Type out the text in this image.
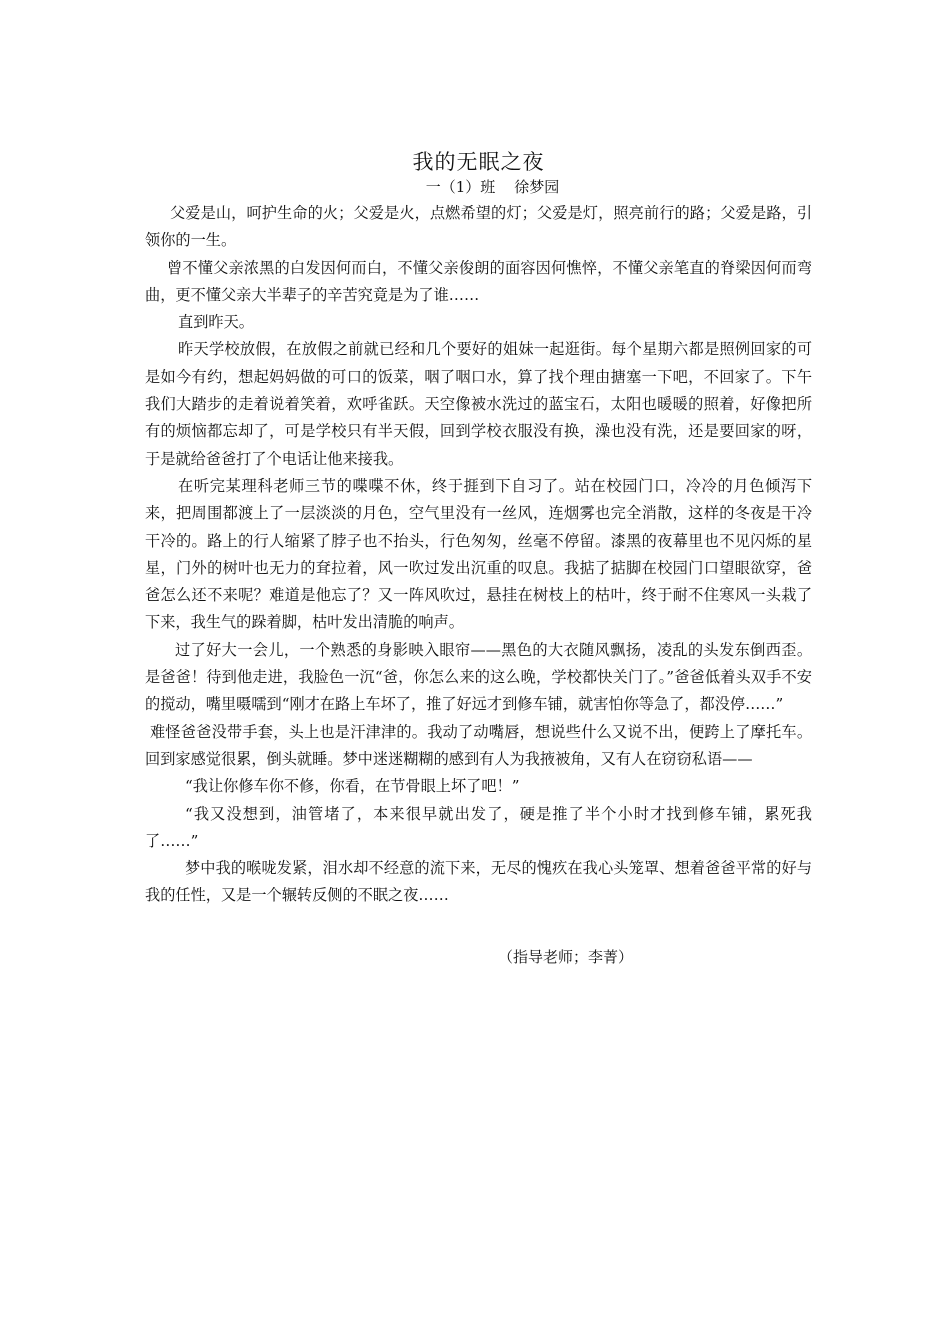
我的无眠之夜

一（1）班    徐梦园

父爱是山，呵护生命的火；父爱是火，点燃希望的灯；父爱是灯，照亮前行的路；父爱是路，引领你的一生。

曾不懂父亲浓黑的白发因何而白，不懂父亲俊朗的面容因何憔悴，不懂父亲笔直的脊梁因何而弯曲，更不懂父亲大半辈子的辛苦究竟是为了谁……

直到昨天。

昨天学校放假，在放假之前就已经和几个要好的姐妹一起逛街。每个星期六都是照例回家的可是如今有约，想起妈妈做的可口的饭菜，咽了咽口水，算了找个理由搪塞一下吧，不回家了。下午我们大踏步的走着说着笑着，欢呼雀跃。天空像被水洗过的蓝宝石，太阳也暖暖的照着，好像把所有的烦恼都忘却了，可是学校只有半天假，回到学校衣服没有换，澡也没有洗，还是要回家的呀，于是就给爸爸打了个电话让他来接我。

在听完某理科老师三节的喋喋不休，终于捱到下自习了。站在校园门口，冷冷的月色倾泻下来，把周围都渡上了一层淡淡的月色，空气里没有一丝风，连烟雾也完全消散，这样的冬夜是干冷干冷的。路上的行人缩紧了脖子也不抬头，行色匆匆，丝毫不停留。漆黑的夜幕里也不见闪烁的星星，门外的树叶也无力的耷拉着，风一吹过发出沉重的叹息。我掂了掂脚在校园门口望眼欲穿，爸爸怎么还不来呢？难道是他忘了？又一阵风吹过，悬挂在树枝上的枯叶，终于耐不住寒风一头栽了下来，我生气的跺着脚，枯叶发出清脆的响声。

过了好大一会儿，一个熟悉的身影映入眼帘——黑色的大衣随风飘扬，凌乱的头发东倒西歪。是爸爸！待到他走进，我脸色一沉“爸，你怎么来的这么晚，学校都快关门了。”爸爸低着头双手不安的搅动，嘴里嗫嚅到“刚才在路上车坏了，推了好远才到修车铺，就害怕你等急了，都没停……”

难怪爸爸没带手套，头上也是汗津津的。我动了动嘴唇，想说些什么又说不出，便跨上了摩托车。回到家感觉很累，倒头就睡。梦中迷迷糊糊的感到有人为我掖被角，又有人在窃窃私语——

“我让你修车你不修，你看，在节骨眼上坏了吧！”

“我又没想到，油管堵了，本来很早就出发了，硬是推了半个小时才找到修车铺，累死我了……”

梦中我的喉咙发紧，泪水却不经意的流下来，无尽的愧疚在我心头笼罩、想着爸爸平常的好与我的任性，又是一个辗转反侧的不眠之夜……

（指导老师；李菁）
